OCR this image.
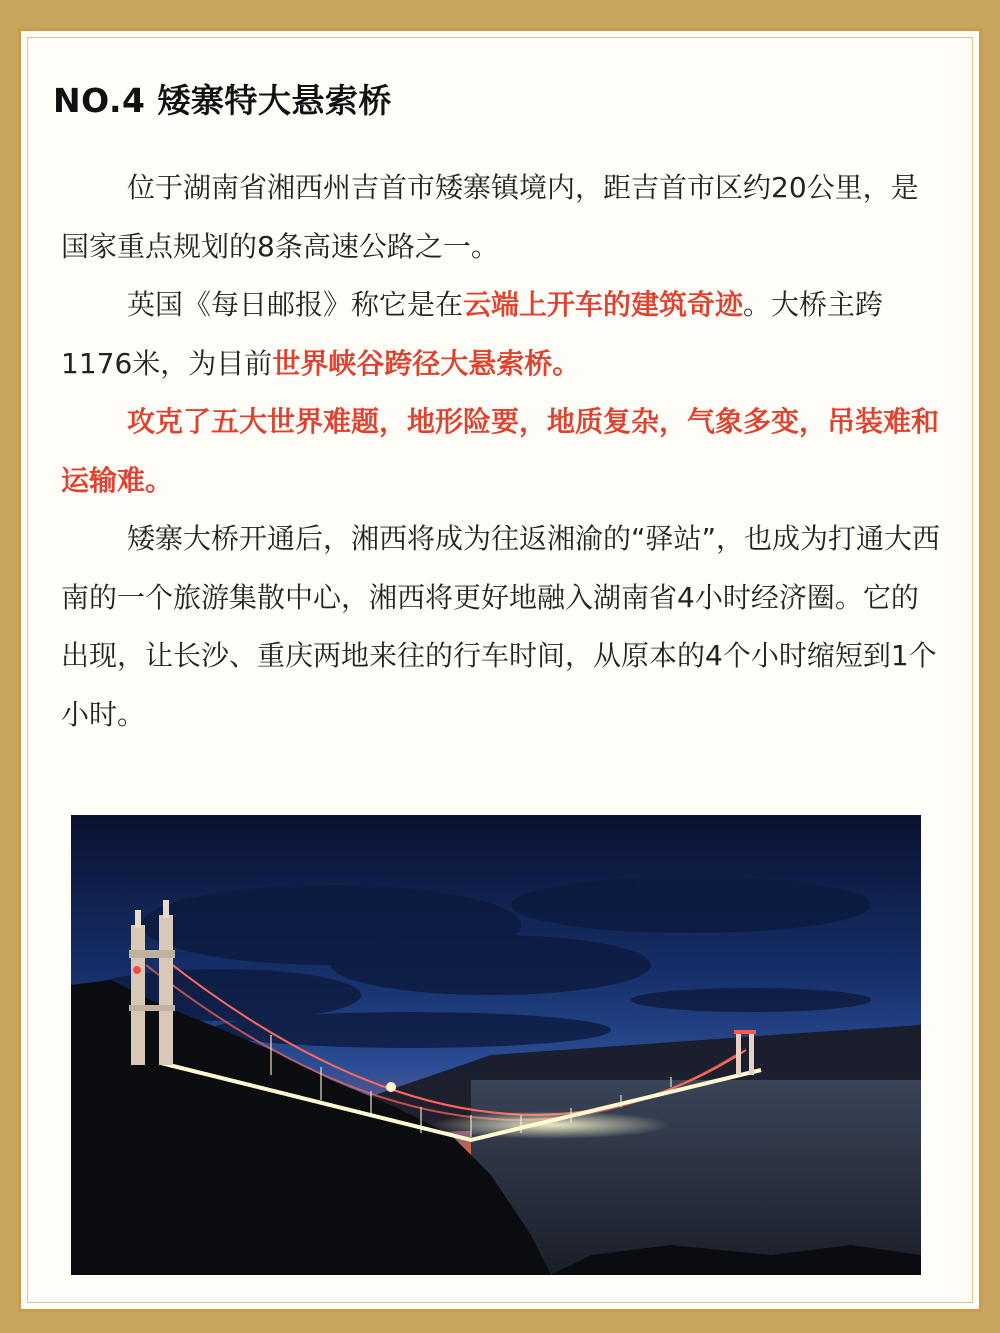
NO.4 矮寨特大悬索桥

位于湖南省湘西州吉首市矮寨镇境内，距吉首市区约20公里，是国家重点规划的8条高速公路之一。

英国《每日邮报》称它是在云端上开车的建筑奇迹。大桥主跨1176米，为目前世界峡谷跨径大悬索桥。

攻克了五大世界难题，地形险要，地质复杂，气象多变，吊装难和运输难。

矮寨大桥开通后，湘西将成为往返湘渝的“驿站”，也成为打通大西南的一个旅游集散中心，湘西将更好地融入湖南省4小时经济圈。它的出现，让长沙、重庆两地来往的行车时间，从原本的4个小时缩短到1个小时。
